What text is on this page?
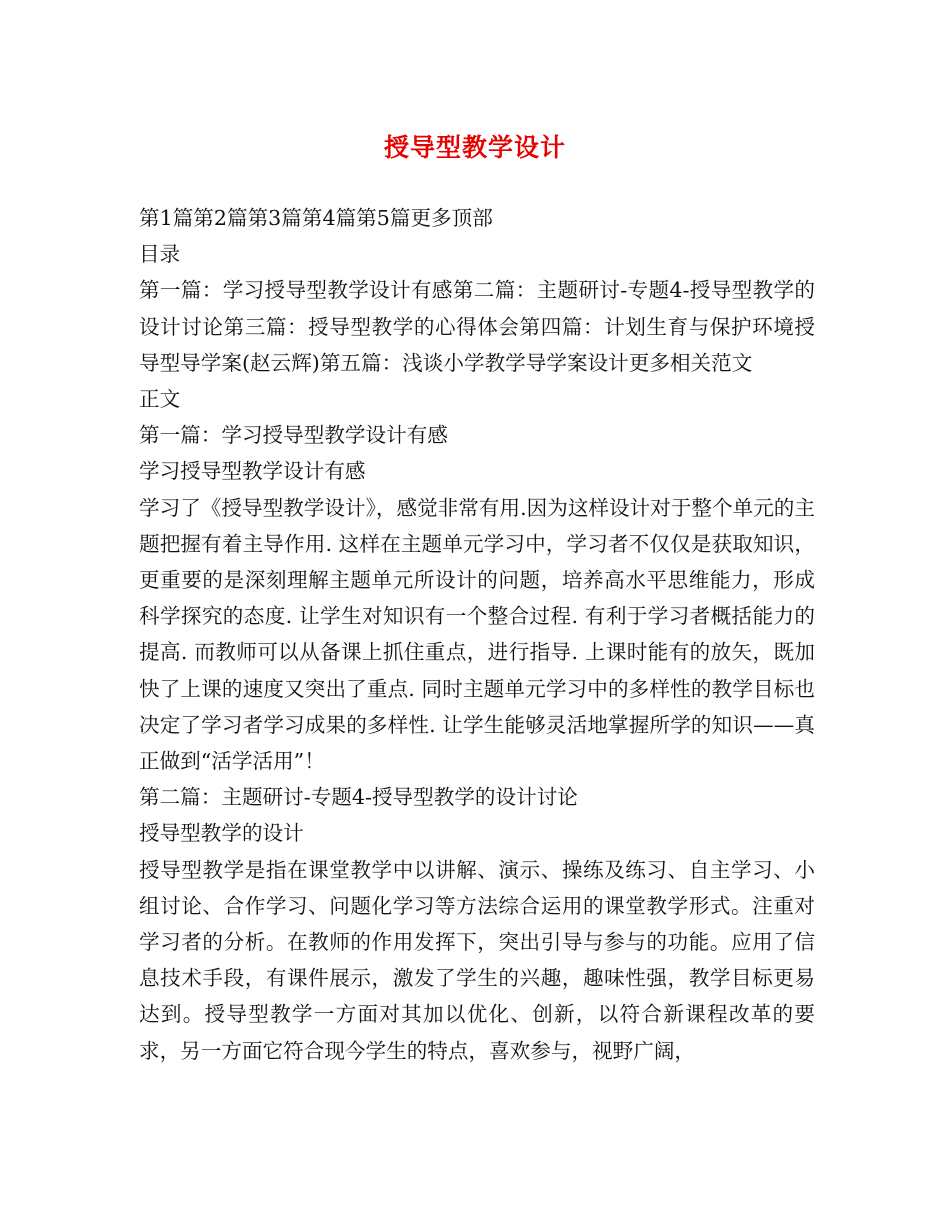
授导型教学设计

第1篇第2篇第3篇第4篇第5篇更多顶部

目录

第一篇：学习授导型教学设计有感第二篇：主题研讨-专题4-授导型教学的设计讨论第三篇：授导型教学的心得体会第四篇：计划生育与保护环境授导型导学案(赵云辉)第五篇：浅谈小学教学导学案设计更多相关范文

正文

第一篇：学习授导型教学设计有感

学习授导型教学设计有感

学习了《授导型教学设计》，感觉非常有用.因为这样设计对于整个单元的主题把握有着主导作用. 这样在主题单元学习中，学习者不仅仅是获取知识，更重要的是深刻理解主题单元所设计的问题，培养高水平思维能力，形成科学探究的态度. 让学生对知识有一个整合过程. 有利于学习者概括能力的提高. 而教师可以从备课上抓住重点，进行指导. 上课时能有的放矢，既加快了上课的速度又突出了重点. 同时主题单元学习中的多样性的教学目标也决定了学习者学习成果的多样性. 让学生能够灵活地掌握所学的知识——真正做到“活学活用”！

第二篇：主题研讨-专题4-授导型教学的设计讨论

授导型教学的设计

授导型教学是指在课堂教学中以讲解、演示、操练及练习、自主学习、小组讨论、合作学习、问题化学习等方法综合运用的课堂教学形式。注重对学习者的分析。在教师的作用发挥下，突出引导与参与的功能。应用了信息技术手段，有课件展示，激发了学生的兴趣，趣味性强，教学目标更易达到。授导型教学一方面对其加以优化、创新，以符合新课程改革的要求，另一方面它符合现今学生的特点，喜欢参与，视野广阔，
